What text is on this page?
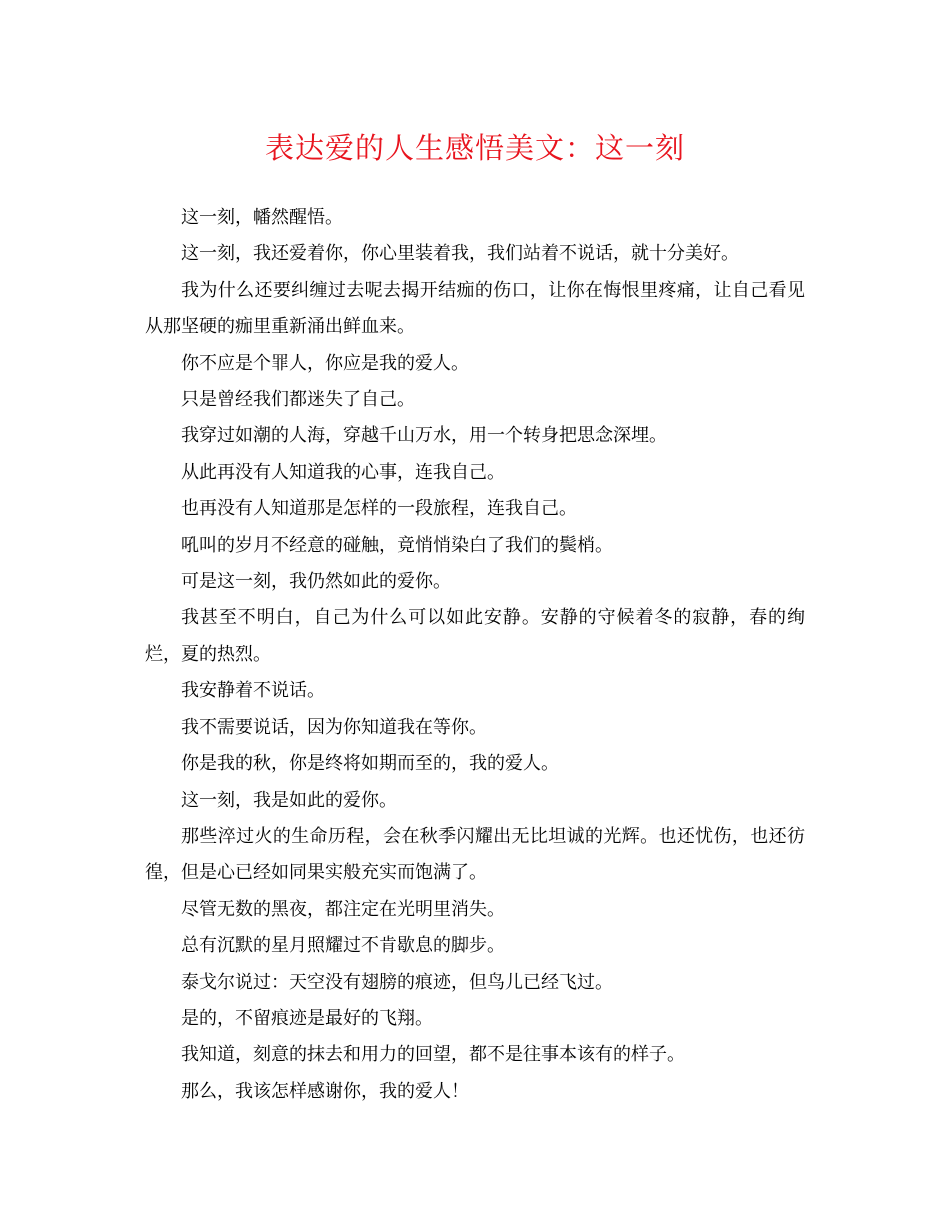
表达爱的人生感悟美文：这一刻

这一刻，幡然醒悟。

这一刻，我还爱着你，你心里装着我，我们站着不说话，就十分美好。

我为什么还要纠缠过去呢去揭开结痂的伤口，让你在悔恨里疼痛，让自己看见从那坚硬的痂里重新涌出鲜血来。

你不应是个罪人，你应是我的爱人。

只是曾经我们都迷失了自己。

我穿过如潮的人海，穿越千山万水，用一个转身把思念深埋。

从此再没有人知道我的心事，连我自己。

也再没有人知道那是怎样的一段旅程，连我自己。

吼叫的岁月不经意的碰触，竟悄悄染白了我们的鬓梢。

可是这一刻，我仍然如此的爱你。

我甚至不明白，自己为什么可以如此安静。安静的守候着冬的寂静，春的绚烂，夏的热烈。

我安静着不说话。

我不需要说话，因为你知道我在等你。

你是我的秋，你是终将如期而至的，我的爱人。

这一刻，我是如此的爱你。

那些淬过火的生命历程，会在秋季闪耀出无比坦诚的光辉。也还忧伤，也还彷徨，但是心已经如同果实般充实而饱满了。

尽管无数的黑夜，都注定在光明里消失。

总有沉默的星月照耀过不肯歇息的脚步。

泰戈尔说过：天空没有翅膀的痕迹，但鸟儿已经飞过。

是的，不留痕迹是最好的飞翔。

我知道，刻意的抹去和用力的回望，都不是往事本该有的样子。

那么，我该怎样感谢你，我的爱人！
